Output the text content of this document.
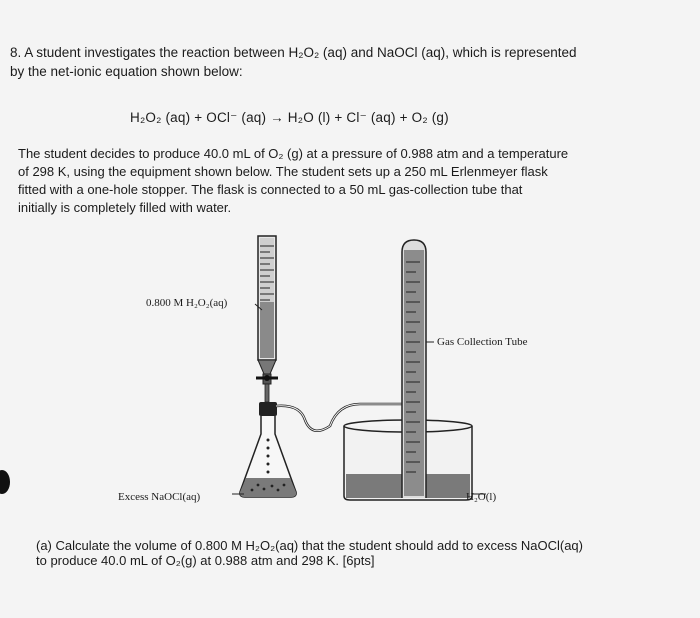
8. A student investigates the reaction between H₂O₂ (aq) and NaOCl (aq), which is represented
by the net-ionic equation shown below:
H₂O₂ (aq) + OCl⁻ (aq) → H₂O (l) + Cl⁻ (aq) + O₂ (g)
The student decides to produce 40.0 mL of O₂ (g) at a pressure of 0.988 atm and a temperature
of 298 K, using the equipment shown below. The student sets up a 250 mL Erlenmeyer flask
fitted with a one-hole stopper. The flask is connected to a 50 mL gas-collection tube that
initially is completely filled with water.
0.800 M H₂O₂(aq)
Gas Collection Tube
Excess NaOCl(aq)	H₂O(l)
(a) Calculate the volume of 0.800 M H₂O₂(aq) that the student should add to excess NaOCl(aq)
to produce 40.0 mL of O₂(g) at 0.988 atm and 298 K. [6pts]
